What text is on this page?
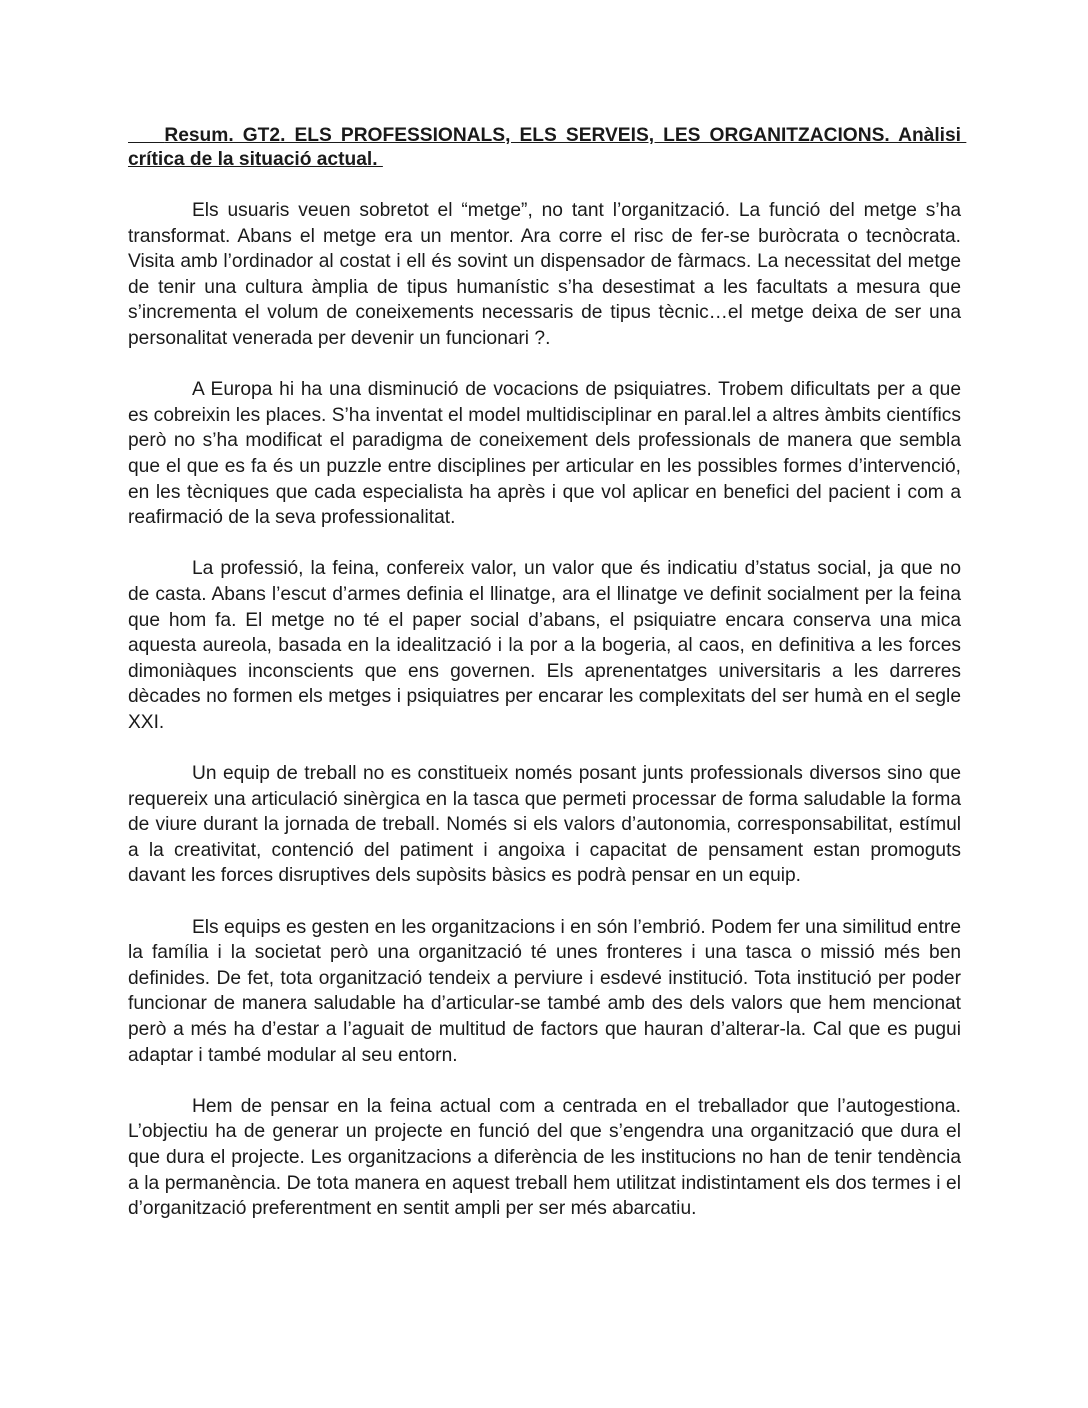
Resum. GT2. ELS PROFESSIONALS, ELS SERVEIS, LES ORGANITZACIONS. Anàlisi crítica de la situació actual.

Els usuaris veuen sobretot el “metge”, no tant l’organització. La funció del metge s’ha transformat. Abans el metge era un mentor. Ara corre el risc de fer-se buròcrata o tecnòcrata. Visita amb l’ordinador al costat i ell és sovint un dispensador de fàrmacs. La necessitat del metge de tenir una cultura àmplia de tipus humanístic s’ha desestimat a les facultats a mesura que s’incrementa el volum de coneixements necessaris de tipus tècnic…el metge deixa de ser una personalitat venerada per devenir un funcionari ?.

A Europa hi ha una disminució de vocacions de psiquiatres. Trobem dificultats per a que es cobreixin les places. S’ha inventat el model multidisciplinar en paral.lel a altres àmbits científics però no s’ha modificat el paradigma de coneixement dels professionals de manera que sembla que el que es fa és un puzzle entre disciplines per articular en les possibles formes d’intervenció, en les tècniques que cada especialista ha après i que vol aplicar en benefici del pacient i com a reafirmació de la seva professionalitat.

La professió, la feina, confereix valor, un valor que és indicatiu d’status social, ja que no de casta. Abans l’escut d’armes definia el llinatge, ara el llinatge ve definit socialment per la feina que hom fa. El metge no té el paper social d’abans, el psiquiatre encara conserva una mica aquesta aureola, basada en la idealització i la por a la bogeria, al caos, en definitiva a les forces dimoniàques inconscients que ens governen. Els aprenentatges universitaris a les darreres dècades no formen els metges i psiquiatres per encarar les complexitats del ser humà en el segle XXI.

Un equip de treball no es constitueix només posant junts professionals diversos sino que requereix una articulació sinèrgica en la tasca que permeti processar de forma saludable la forma de viure durant la jornada de treball. Només si els valors d’autonomia, corresponsabilitat, estímul a la creativitat, contenció del patiment i angoixa i capacitat de pensament estan promoguts davant les forces disruptives dels supòsits bàsics es podrà pensar en un equip.

Els equips es gesten en les organitzacions i en són l’embrió. Podem fer una similitud entre la família i la societat però una organització té unes fronteres i una tasca o missió més ben definides. De fet, tota organització tendeix a perviure i esdevé institució. Tota institució per poder funcionar de manera saludable ha d’articular-se també amb des dels valors que hem mencionat però a més ha d’estar a l’aguait de multitud de factors que hauran d’alterar-la. Cal que es pugui adaptar i també modular al seu entorn.

Hem de pensar en la feina actual com a centrada en el treballador que l’autogestiona. L’objectiu ha de generar un projecte en funció del que s’engendra una organització que dura el que dura el projecte. Les organitzacions a diferència de les institucions no han de tenir tendència a la permanència. De tota manera en aquest treball hem utilitzat indistintament els dos termes i el d’organització preferentment en sentit ampli per ser més abarcatiu.
